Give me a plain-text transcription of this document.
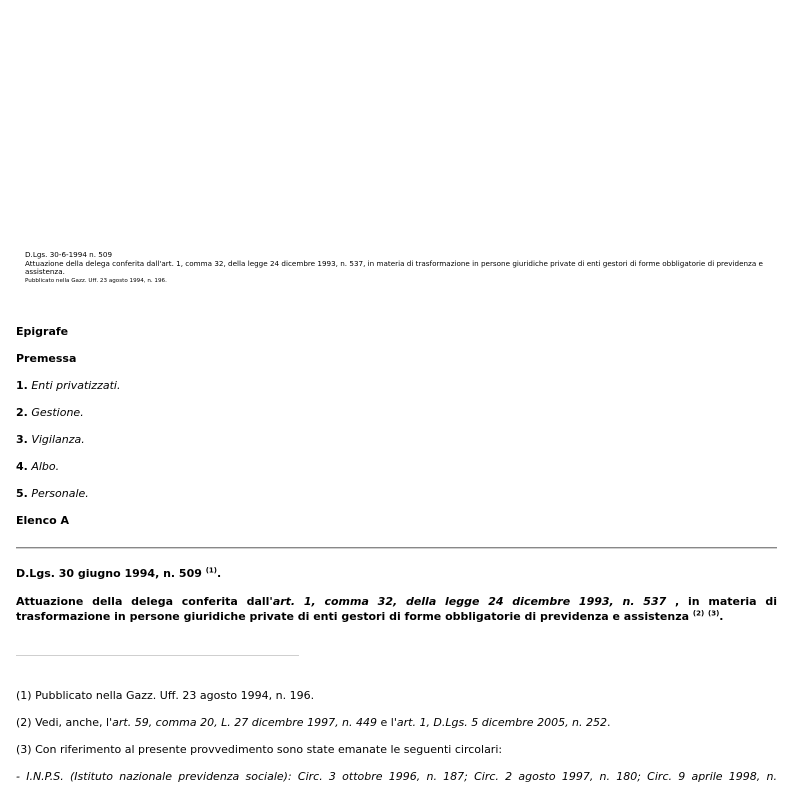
D.Lgs. 30-6-1994 n. 509
Attuazione della delega conferita dall'art. 1, comma 32, della legge 24 dicembre 1993, n. 537, in materia di trasformazione in persone giuridiche private di enti gestori di forme obbligatorie di previdenza e assistenza.
Pubblicato nella Gazz. Uff. 23 agosto 1994, n. 196.
Epigrafe
Premessa
1. Enti privatizzati.
2. Gestione.
3. Vigilanza.
4. Albo.
5. Personale.
Elenco A
D.Lgs. 30 giugno 1994, n. 509 $^{(1)}$.
Attuazione della delega conferita dall'art. 1, comma 32, della legge 24 dicembre 1993, n. 537 , in materia di trasformazione in persone giuridiche private di enti gestori di forme obbligatorie di previdenza e assistenza $^{(2)}$ $^{(3)}$.
(1) Pubblicato nella Gazz. Uff. 23 agosto 1994, n. 196.
(2) Vedi, anche, l'art. 59, comma 20, L. 27 dicembre 1997, n. 449 e l'art. 1, D.Lgs. 5 dicembre 2005, n. 252.
(3) Con riferimento al presente provvedimento sono state emanate le seguenti circolari:
- I.N.P.S. (Istituto nazionale previdenza sociale): Circ. 3 ottobre 1996, n. 187; Circ. 2 agosto 1997, n. 180; Circ. 9 aprile 1998, n.
